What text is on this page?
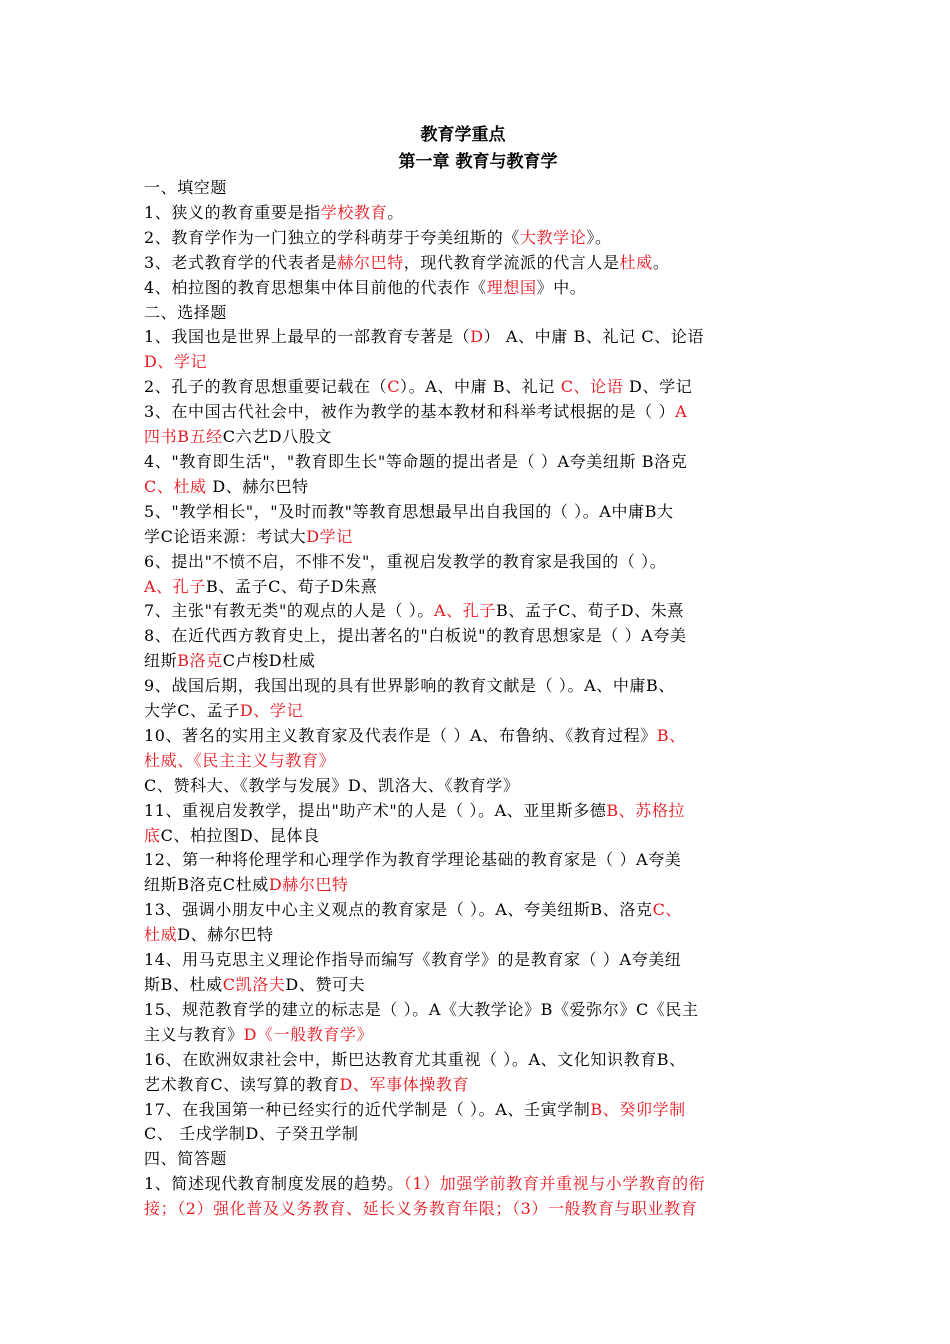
教育学重点
第一章 教育与教育学
一、填空题
1、狭义的教育重要是指学校教育。
2、教育学作为一门独立的学科萌芽于夸美纽斯的《大教学论》。
3、老式教育学的代表者是赫尔巴特，现代教育学流派的代言人是杜威。
4、柏拉图的教育思想集中体目前他的代表作《理想国》中。
二、选择题
1、我国也是世界上最早的一部教育专著是（D） A、中庸 B、礼记 C、论语
D、学记
2、孔子的教育思想重要记载在（C）。A、中庸 B、礼记 C、论语 D、学记
3、在中国古代社会中，被作为教学的基本教材和科举考试根据的是（ ）A
四书B五经C六艺D八股文
4、"教育即生活"，"教育即生长"等命题的提出者是（ ）A夸美纽斯 B洛克
C、杜威 D、赫尔巴特
5、"教学相长"，"及时而教"等教育思想最早出自我国的（ ）。A中庸B大
学C论语来源：考试大D学记
6、提出"不愤不启，不悱不发"，重视启发教学的教育家是我国的（ ）。
A、孔子B、孟子C、荀子D朱熹
7、主张"有教无类"的观点的人是（ ）。A、孔子B、孟子C、荀子D、朱熹
8、在近代西方教育史上，提出著名的"白板说"的教育思想家是（ ）A夸美
纽斯B洛克C卢梭D杜威
9、战国后期，我国出现的具有世界影响的教育文献是（ ）。A、中庸B、
大学C、孟子D、学记
10、著名的实用主义教育家及代表作是（ ）A、布鲁纳、《教育过程》B、
杜威、《民主主义与教育》
C、赞科大、《教学与发展》D、凯洛大、《教育学》
11、重视启发教学，提出"助产术"的人是（ ）。A、亚里斯多德B、苏格拉
底C、柏拉图D、昆体良
12、第一种将伦理学和心理学作为教育学理论基础的教育家是（ ）A夸美
纽斯B洛克C杜威D赫尔巴特
13、强调小朋友中心主义观点的教育家是（ ）。A、夸美纽斯B、洛克C、
杜威D、赫尔巴特
14、用马克思主义理论作指导而编写《教育学》的是教育家（ ）A夸美纽
斯B、杜威C凯洛夫D、赞可夫
15、规范教育学的建立的标志是（ ）。A《大教学论》B《爱弥尔》C《民主
主义与教育》D《一般教育学》
16、在欧洲奴隶社会中，斯巴达教育尤其重视（ ）。A、文化知识教育B、
艺术教育C、读写算的教育D、军事体操教育
17、在我国第一种已经实行的近代学制是（ ）。A、壬寅学制B、癸卯学制
C、 壬戌学制D、子癸丑学制
四、简答题
1、简述现代教育制度发展的趋势。（1）加强学前教育并重视与小学教育的衔
接；（2）强化普及义务教育、延长义务教育年限；（3）一般教育与职业教育
